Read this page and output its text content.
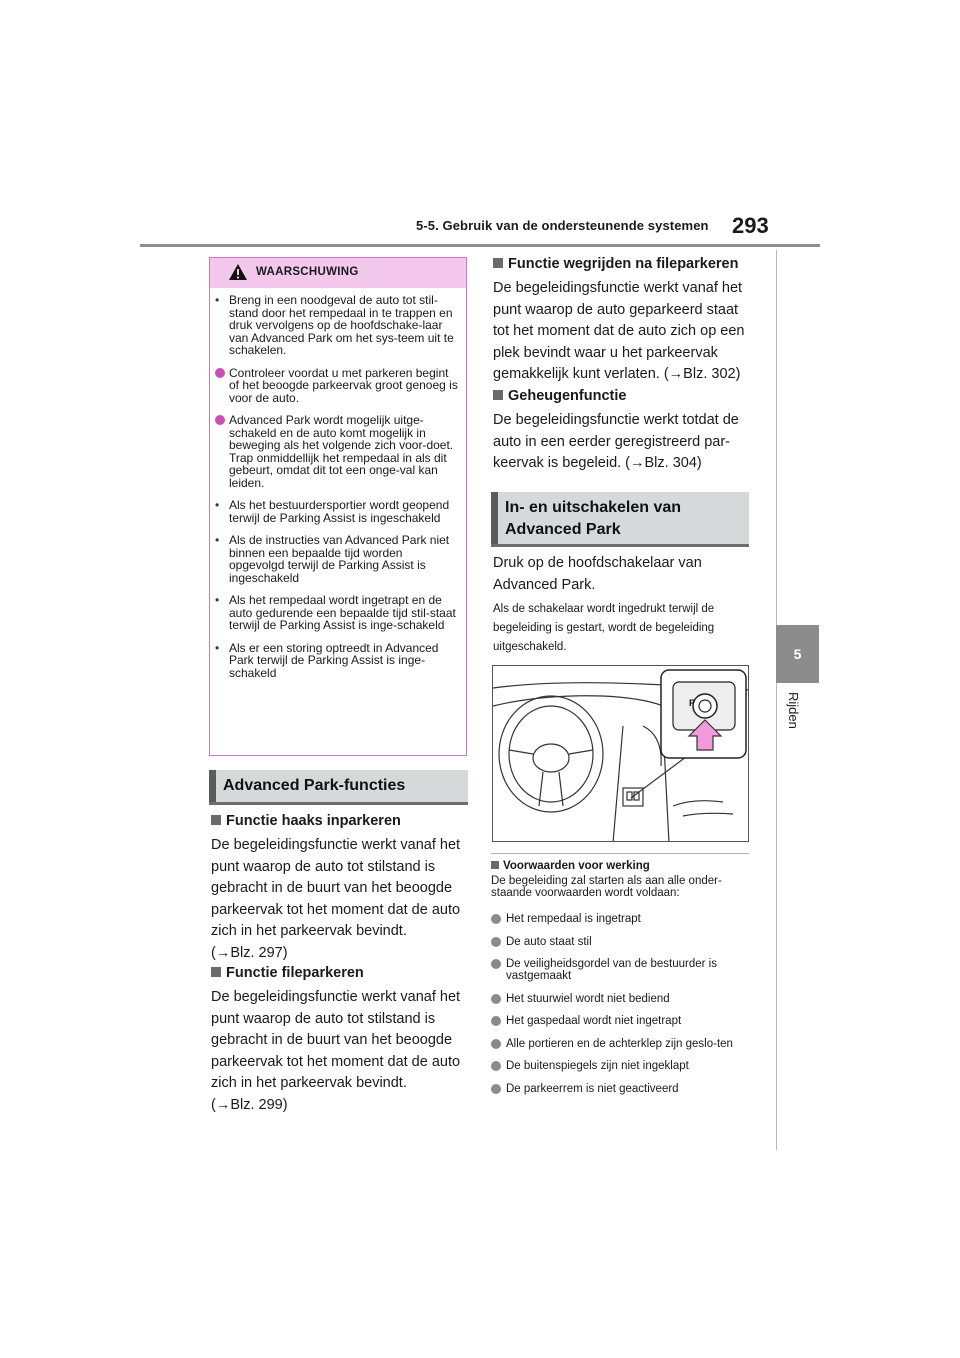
5-5. Gebruik van de ondersteunende systemen 293
5
Rijden
WAARSCHUWING
• Breng in een noodgeval de auto tot stil-stand door het rempedaal in te trappen en druk vervolgens op de hoofdschake-laar van Advanced Park om het sys-teem uit te schakelen.
Controleer voordat u met parkeren begint of het beoogde parkeervak groot genoeg is voor de auto.
Advanced Park wordt mogelijk uitge-schakeld en de auto komt mogelijk in beweging als het volgende zich voor-doet. Trap onmiddellijk het rempedaal in als dit gebeurt, omdat dit tot een onge-val kan leiden.
• Als het bestuurdersportier wordt geopend terwijl de Parking Assist is ingeschakeld
• Als de instructies van Advanced Park niet binnen een bepaalde tijd worden opgevolgd terwijl de Parking Assist is ingeschakeld
• Als het rempedaal wordt ingetrapt en de auto gedurende een bepaalde tijd stil-staat terwijl de Parking Assist is inge-schakeld
• Als er een storing optreedt in Advanced Park terwijl de Parking Assist is inge-schakeld
Advanced Park-functies
Functie haaks inparkeren
De begeleidingsfunctie werkt vanaf het punt waarop de auto tot stilstand is gebracht in de buurt van het beoogde parkeervak tot het moment dat de auto zich in het parkeervak bevindt.
(→Blz. 297)
Functie fileparkeren
De begeleidingsfunctie werkt vanaf het punt waarop de auto tot stilstand is gebracht in de buurt van het beoogde parkeervak tot het moment dat de auto zich in het parkeervak bevindt.
(→Blz. 299)
Functie wegrijden na fileparkeren
De begeleidingsfunctie werkt vanaf het punt waarop de auto geparkeerd staat tot het moment dat de auto zich op een plek bevindt waar u het parkeervak gemakkelijk kunt verlaten. (→Blz. 302)
Geheugenfunctie
De begeleidingsfunctie werkt totdat de auto in een eerder geregistreerd par-keervak is begeleid. (→Blz. 304)
In- en uitschakelen van Advanced Park
Druk op de hoofdschakelaar van Advanced Park.
Als de schakelaar wordt ingedrukt terwijl de begeleiding is gestart, wordt de begeleiding uitgeschakeld.
P
Voorwaarden voor werking
De begeleiding zal starten als aan alle onder-staande voorwaarden wordt voldaan:
Het rempedaal is ingetrapt
De auto staat stil
De veiligheidsgordel van de bestuurder is vastgemaakt
Het stuurwiel wordt niet bediend
Het gaspedaal wordt niet ingetrapt
Alle portieren en de achterklep zijn geslo-ten
De buitenspiegels zijn niet ingeklapt
De parkeerrem is niet geactiveerd
